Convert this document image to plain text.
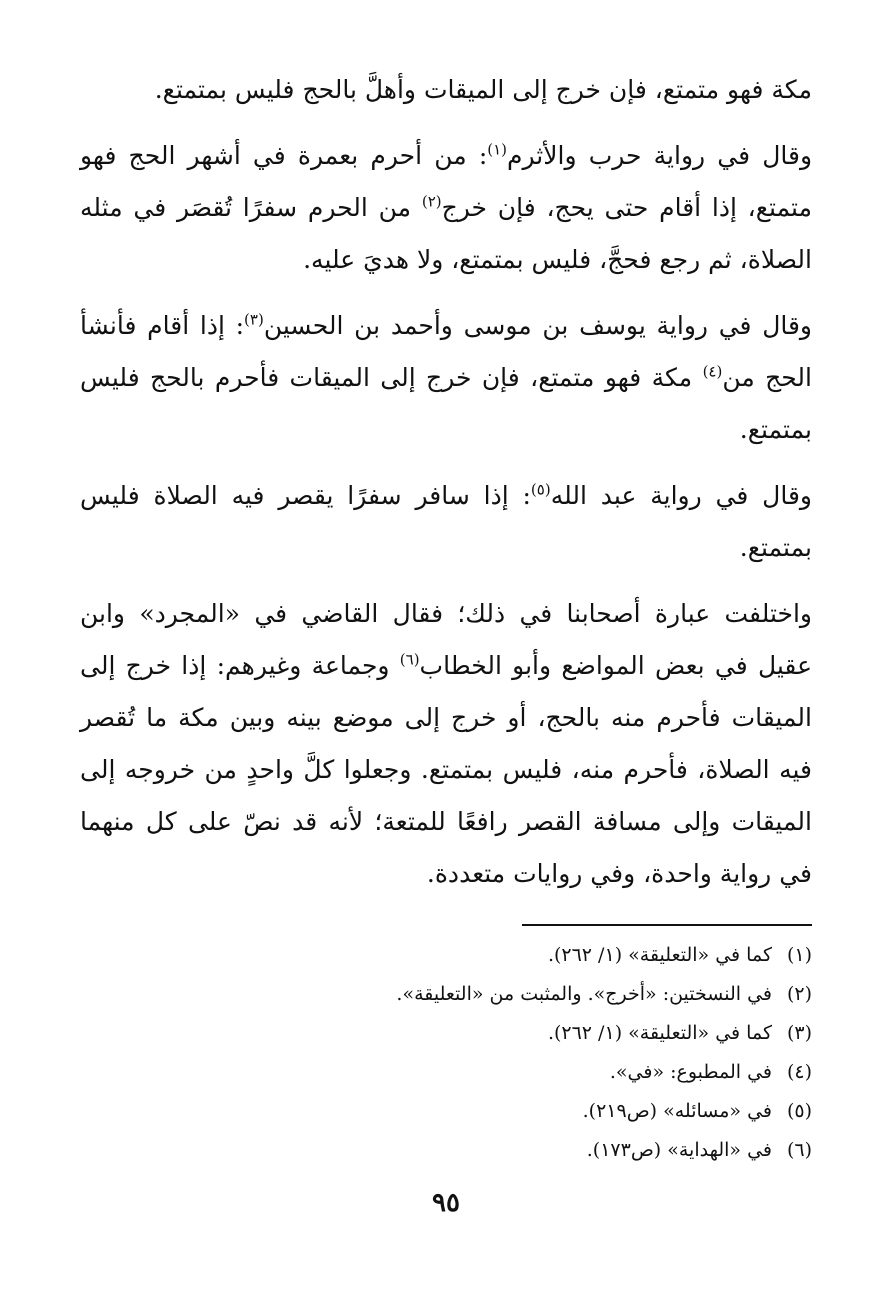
مكة فهو متمتع، فإن خرج إلى الميقات وأهلَّ بالحج فليس بمتمتع.

وقال في رواية حرب والأثرم$^{(١)}$: من أحرم بعمرة في أشهر الحج فهو متمتع، إذا أقام حتى يحج، فإن خرج$^{(٢)}$ من الحرم سفرًا تُقصَر في مثله الصلاة، ثم رجع فحجَّ، فليس بمتمتع، ولا هديَ عليه.

وقال في رواية يوسف بن موسى وأحمد بن الحسين$^{(٣)}$: إذا أقام فأنشأ الحج من$^{(٤)}$ مكة فهو متمتع، فإن خرج إلى الميقات فأحرم بالحج فليس بمتمتع.

وقال في رواية عبد الله$^{(٥)}$: إذا سافر سفرًا يقصر فيه الصلاة فليس بمتمتع.

واختلفت عبارة أصحابنا في ذلك؛ فقال القاضي في «المجرد» وابن عقيل في بعض المواضع وأبو الخطاب$^{(٦)}$ وجماعة وغيرهم: إذا خرج إلى الميقات فأحرم منه بالحج، أو خرج إلى موضع بينه وبين مكة ما تُقصر فيه الصلاة، فأحرم منه، فليس بمتمتع. وجعلوا كلَّ واحدٍ من خروجه إلى الميقات وإلى مسافة القصر رافعًا للمتعة؛ لأنه قد نصّ على كل منهما في رواية واحدة، وفي روايات متعددة.

(١)كما في «التعليقة» (١/ ٢٦٢).
(٢)في النسختين: «أخرج». والمثبت من «التعليقة».
(٣)كما في «التعليقة» (١/ ٢٦٢).
(٤)في المطبوع: «في».
(٥)في «مسائله» (ص٢١٩).
(٦)في «الهداية» (ص١٧٣).
٩٥
